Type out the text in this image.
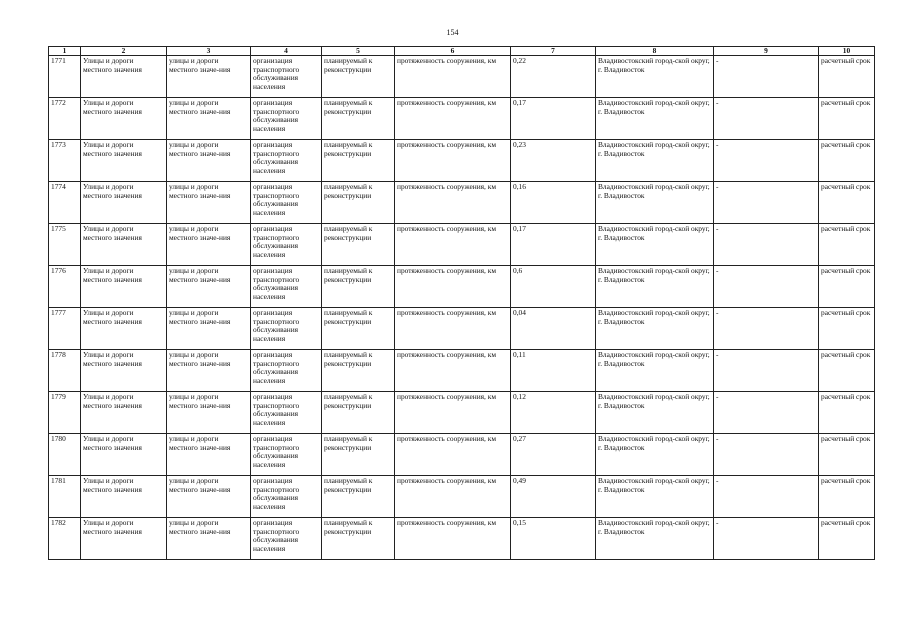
154
1	2	3	4	5	6	7	8	9	10
1771	Улицы и дороги местного значения	улицы и дороги местного значе-ния	организация транспортного обслуживания населения	планируемый к реконструкции	протяженность сооружения, км	0,22	Владивостокский город-ской округ, г. Владивосток	-	расчетный срок
1772	Улицы и дороги местного значения	улицы и дороги местного значе-ния	организация транспортного обслуживания населения	планируемый к реконструкции	протяженность сооружения, км	0,17	Владивостокский город-ской округ, г. Владивосток	-	расчетный срок
1773	Улицы и дороги местного значения	улицы и дороги местного значе-ния	организация транспортного обслуживания населения	планируемый к реконструкции	протяженность сооружения, км	0,23	Владивостокский город-ской округ, г. Владивосток	-	расчетный срок
1774	Улицы и дороги местного значения	улицы и дороги местного значе-ния	организация транспортного обслуживания населения	планируемый к реконструкции	протяженность сооружения, км	0,16	Владивостокский город-ской округ, г. Владивосток	-	расчетный срок
1775	Улицы и дороги местного значения	улицы и дороги местного значе-ния	организация транспортного обслуживания населения	планируемый к реконструкции	протяженность сооружения, км	0,17	Владивостокский город-ской округ, г. Владивосток	-	расчетный срок
1776	Улицы и дороги местного значения	улицы и дороги местного значе-ния	организация транспортного обслуживания населения	планируемый к реконструкции	протяженность сооружения, км	0,6	Владивостокский город-ской округ, г. Владивосток	-	расчетный срок
1777	Улицы и дороги местного значения	улицы и дороги местного значе-ния	организация транспортного обслуживания населения	планируемый к реконструкции	протяженность сооружения, км	0,04	Владивостокский город-ской округ, г. Владивосток	-	расчетный срок
1778	Улицы и дороги местного значения	улицы и дороги местного значе-ния	организация транспортного обслуживания населения	планируемый к реконструкции	протяженность сооружения, км	0,11	Владивостокский город-ской округ, г. Владивосток	-	расчетный срок
1779	Улицы и дороги местного значения	улицы и дороги местного значе-ния	организация транспортного обслуживания населения	планируемый к реконструкции	протяженность сооружения, км	0,12	Владивостокский город-ской округ, г. Владивосток	-	расчетный срок
1780	Улицы и дороги местного значения	улицы и дороги местного значе-ния	организация транспортного обслуживания населения	планируемый к реконструкции	протяженность сооружения, км	0,27	Владивостокский город-ской округ, г. Владивосток	-	расчетный срок
1781	Улицы и дороги местного значения	улицы и дороги местного значе-ния	организация транспортного обслуживания населения	планируемый к реконструкции	протяженность сооружения, км	0,49	Владивостокский город-ской округ, г. Владивосток	-	расчетный срок
1782	Улицы и дороги местного значения	улицы и дороги местного значе-ния	организация транспортного обслуживания населения	планируемый к реконструкции	протяженность сооружения, км	0,15	Владивостокский город-ской округ, г. Владивосток	-	расчетный срок
